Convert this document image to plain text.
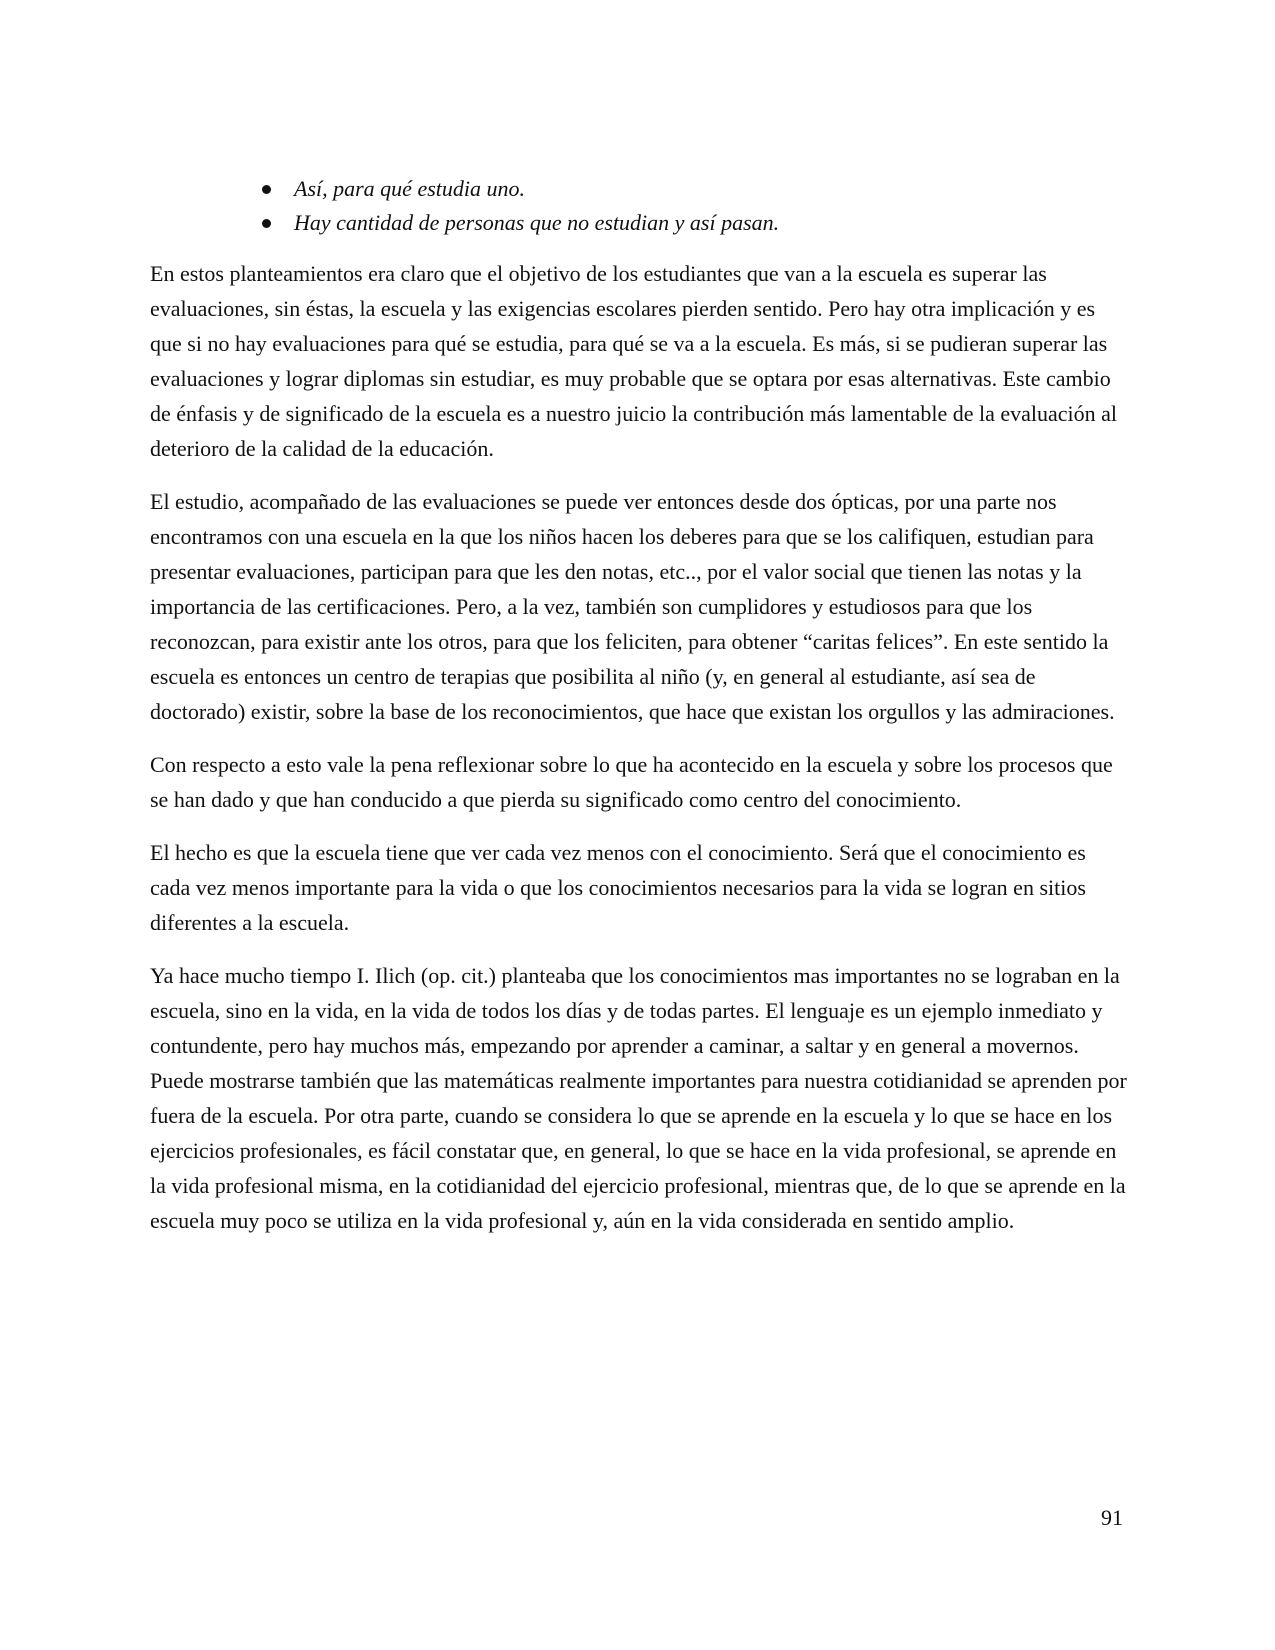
Así, para qué estudia uno.
Hay cantidad de personas que no estudian y así pasan.

En estos planteamientos era claro que el objetivo de los estudiantes que van a la escuela es superar las evaluaciones, sin éstas, la escuela y las exigencias escolares pierden sentido. Pero hay otra implicación y es que si no hay evaluaciones para qué se estudia, para qué se va a la escuela. Es más, si se pudieran superar las evaluaciones y lograr diplomas sin estudiar, es muy probable que se optara por esas alternativas. Este cambio de énfasis y de significado de la escuela es a nuestro juicio la contribución más lamentable de la evaluación al deterioro de la calidad de la educación.

El estudio, acompañado de las evaluaciones se puede ver entonces desde dos ópticas, por una parte nos encontramos con una escuela en la que los niños hacen los deberes para que se los califiquen, estudian para presentar evaluaciones, participan para que les den notas, etc.., por el valor social que tienen las notas y la importancia de las certificaciones. Pero, a la vez, también son cumplidores y estudiosos para que los reconozcan, para existir ante los otros, para que los feliciten, para obtener “caritas felices”. En este sentido la escuela es entonces un centro de terapias que posibilita al niño (y, en general al estudiante, así sea de doctorado) existir, sobre la base de los reconocimientos, que hace que existan los orgullos y las admiraciones.

Con respecto a esto vale la pena reflexionar sobre lo que ha acontecido en la escuela y sobre los procesos que se han dado y que han conducido a que pierda su significado como centro del conocimiento.

El hecho es que la escuela tiene que ver cada vez menos con el conocimiento. Será que el conocimiento es cada vez menos importante para la vida o que los conocimientos necesarios para la vida se logran en sitios diferentes a la escuela.

Ya hace mucho tiempo I. Ilich (op. cit.) planteaba que los conocimientos mas importantes no se lograban en la escuela, sino en la vida, en la vida de todos los días y de todas partes. El lenguaje es un ejemplo inmediato y contundente, pero hay muchos más, empezando por aprender a caminar, a saltar y en general a movernos. Puede mostrarse también que las matemáticas realmente importantes para nuestra cotidianidad se aprenden por fuera de la escuela. Por otra parte, cuando se considera lo que se aprende en la escuela y lo que se hace en los ejercicios profesionales, es fácil constatar que, en general, lo que se hace en la vida profesional, se aprende en la vida profesional misma, en la cotidianidad del ejercicio profesional, mientras que, de lo que se aprende en la escuela muy poco se utiliza en la vida profesional y, aún en la vida considerada en sentido amplio.

91
